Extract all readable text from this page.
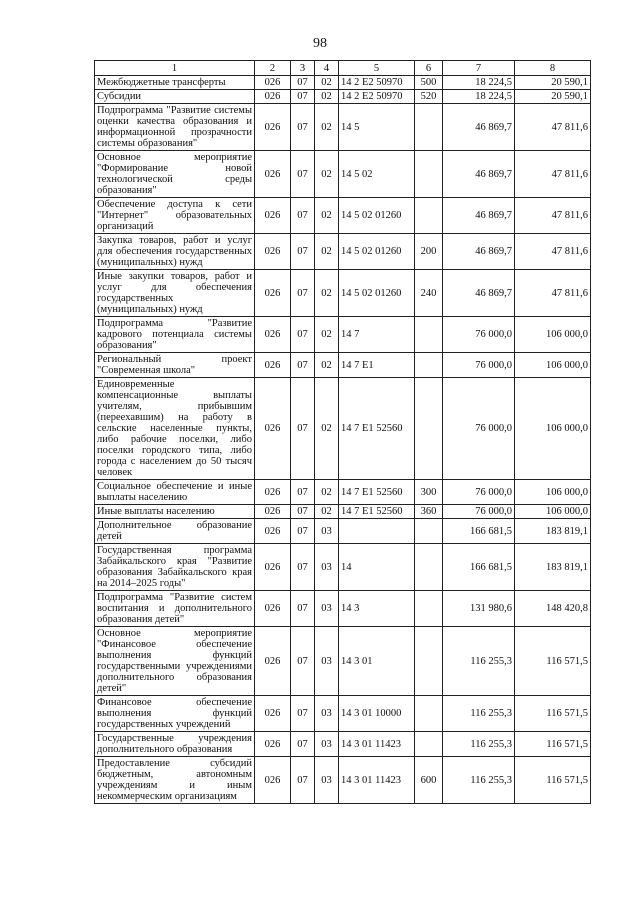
98
1	2	3	4	5	6	7	8
Межбюджетные трансферты	026	07	02	14 2 Е2 50970	500	18 224,5	20 590,1
Субсидии	026	07	02	14 2 Е2 50970	520	18 224,5	20 590,1
Подпрограмма "Развитие системы оценки качества образования и информационной прозрачности системы образования"	026	07	02	14 5		46 869,7	47 811,6
Основное мероприятие "Формирование новой технологической среды образования"	026	07	02	14 5 02		46 869,7	47 811,6
Обеспечение доступа к сети "Интернет" образовательных организаций	026	07	02	14 5 02 01260		46 869,7	47 811,6
Закупка товаров, работ и услуг для обеспечения государственных (муниципальных) нужд	026	07	02	14 5 02 01260	200	46 869,7	47 811,6
Иные закупки товаров, работ и услуг для обеспечения государственных (муниципальных) нужд	026	07	02	14 5 02 01260	240	46 869,7	47 811,6
Подпрограмма "Развитие кадрового потенциала системы образования"	026	07	02	14 7		76 000,0	106 000,0
Региональный проект "Современная школа"	026	07	02	14 7 Е1		76 000,0	106 000,0
Единовременные компенсационные выплаты учителям, прибывшим (переехавшим) на работу в сельские населенные пункты, либо рабочие поселки, либо поселки городского типа, либо города с населением до 50 тысяч человек	026	07	02	14 7 Е1 52560		76 000,0	106 000,0
Социальное обеспечение и иные выплаты населению	026	07	02	14 7 Е1 52560	300	76 000,0	106 000,0
Иные выплаты населению	026	07	02	14 7 Е1 52560	360	76 000,0	106 000,0
Дополнительное образование детей	026	07	03			166 681,5	183 819,1
Государственная программа Забайкальского края "Развитие образования Забайкальского края на 2014–2025 годы"	026	07	03	14		166 681,5	183 819,1
Подпрограмма "Развитие систем воспитания и дополнительного образования детей"	026	07	03	14 3		131 980,6	148 420,8
Основное мероприятие "Финансовое обеспечение выполнения функций государственными учреждениями дополнительного образования детей"	026	07	03	14 3 01		116 255,3	116 571,5
Финансовое обеспечение выполнения функций государственных учреждений	026	07	03	14 3 01 10000		116 255,3	116 571,5
Государственные учреждения дополнительного образования	026	07	03	14 3 01 11423		116 255,3	116 571,5
Предоставление субсидий бюджетным, автономным учреждениям и иным некоммерческим организациям	026	07	03	14 3 01 11423	600	116 255,3	116 571,5
